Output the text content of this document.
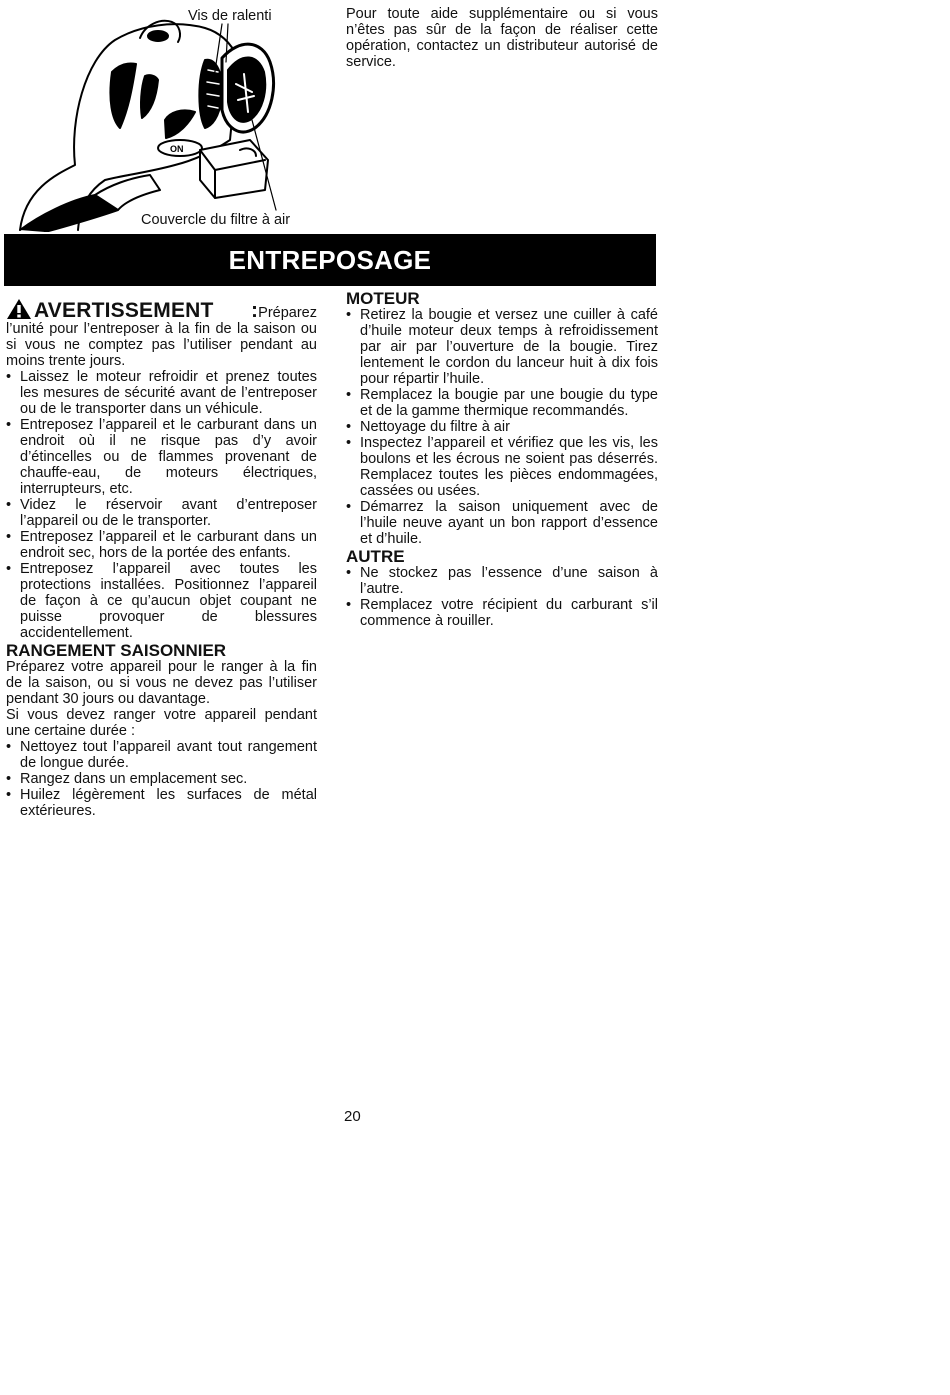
ON
Vis de ralenti
Couvercle du filtre à air
Pour toute aide supplémentaire ou si vous n’êtes pas sûr de la façon de réaliser cette opération, contactez un distributeur autorisé de service.
ENTREPOSAGE

AVERTISSEMENT :Préparez l’unité pour l’entreposer à la fin de la saison ou si vous ne comptez pas l’utiliser pendant au moins trente jours.

• Laissez le moteur refroidir et prenez toutes les mesures de sécurité avant de l’entreposer ou de le transporter dans un véhicule.
• Entreposez l’appareil et le carburant dans un endroit où il ne risque pas d’y avoir d’étincelles ou de flammes provenant de chauffe-eau, de moteurs électriques, interrupteurs, etc.
• Videz le réservoir avant d’entreposer l’appareil ou de le transporter.
• Entreposez l’appareil et le carburant dans un endroit sec, hors de la portée des enfants.
• Entreposez l’appareil avec toutes les protections installées. Positionnez l’appareil de façon à ce qu’aucun objet coupant ne puisse provoquer de blessures accidentellement.
RANGEMENT SAISONNIER

Préparez votre appareil pour le ranger à la fin de la saison, ou si vous ne devez pas l’utiliser pendant 30 jours ou davantage.

Si vous devez ranger votre appareil pendant une certaine durée :

• Nettoyez tout l’appareil avant tout rangement de longue durée.
• Rangez dans un emplacement sec.
• Huilez légèrement les surfaces de métal extérieures.
MOTEUR
• Retirez la bougie et versez une cuiller à café d’huile moteur deux temps à refroidissement par air par l’ouverture de la bougie. Tirez lentement le cordon du lanceur huit à dix fois pour répartir l’huile.
• Remplacez la bougie par une bougie du type et de la gamme thermique recommandés.
• Nettoyage du filtre à air
• Inspectez l’appareil et vérifiez que les vis, les boulons et les écrous ne soient pas déserrés. Remplacez toutes les pièces endommagées, cassées ou usées.
• Démarrez la saison uniquement avec de l’huile neuve ayant un bon rapport d’essence et d’huile.
AUTRE
• Ne stockez pas l’essence d’une saison à l’autre.
• Remplacez votre récipient du carburant s’il commence à rouiller.
20
